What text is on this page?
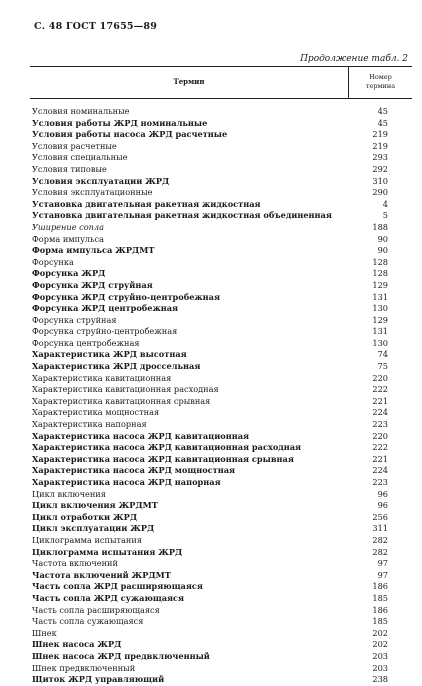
С. 48 ГОСТ 17655—89
Продолжение табл. 2
Термин	Номер
термина
Условия номинальные	45
Условия работы ЖРД номинальные	45
Условия работы насоса ЖРД расчетные	219
Условия расчетные	219
Условия специальные	293
Условия типовые	292
Условия эксплуатации ЖРД	310
Условия эксплуатационные	290
Установка двигательная ракетная жидкостная	4
Установка двигательная ракетная жидкостная объединенная	5
Уширение сопла	188
Форма импульса	90
Форма импульса ЖРДМТ	90
Форсунка	128
Форсунка ЖРД	128
Форсунка ЖРД струйная	129
Форсунка ЖРД струйно-центробежная	131
Форсунка ЖРД центробежная	130
Форсунка струйная	129
Форсунка струйно-центробежная	131
Форсунка центробежная	130
Характеристика ЖРД высотная	74
Характеристика ЖРД дроссельная	75
Характеристика кавитационная	220
Характеристика кавитационная расходная	222
Характеристика кавитационная срывная	221
Характеристика мощностная	224
Характеристика напорная	223
Характеристика насоса ЖРД кавитационная	220
Характеристика насоса ЖРД кавитационная расходная	222
Характеристика насоса ЖРД кавитационная срывная	221
Характеристика насоса ЖРД мощностная	224
Характеристика насоса ЖРД напорная	223
Цикл включения	96
Цикл включения ЖРДМТ	96
Цикл отработки ЖРД	256
Цикл эксплуатации ЖРД	311
Циклограмма испытания	282
Циклограмма испытания ЖРД	282
Частота включений	97
Частота включений ЖРДМТ	97
Часть сопла ЖРД расширяющаяся	186
Часть сопла ЖРД сужающаяся	185
Часть сопла расширяющаяся	186
Часть сопла сужающаяся	185
Шнек	202
Шнек насоса ЖРД	202
Шнек насоса ЖРД предвключенный	203
Шнек предвключенный	203
Щиток ЖРД управляющий	238
